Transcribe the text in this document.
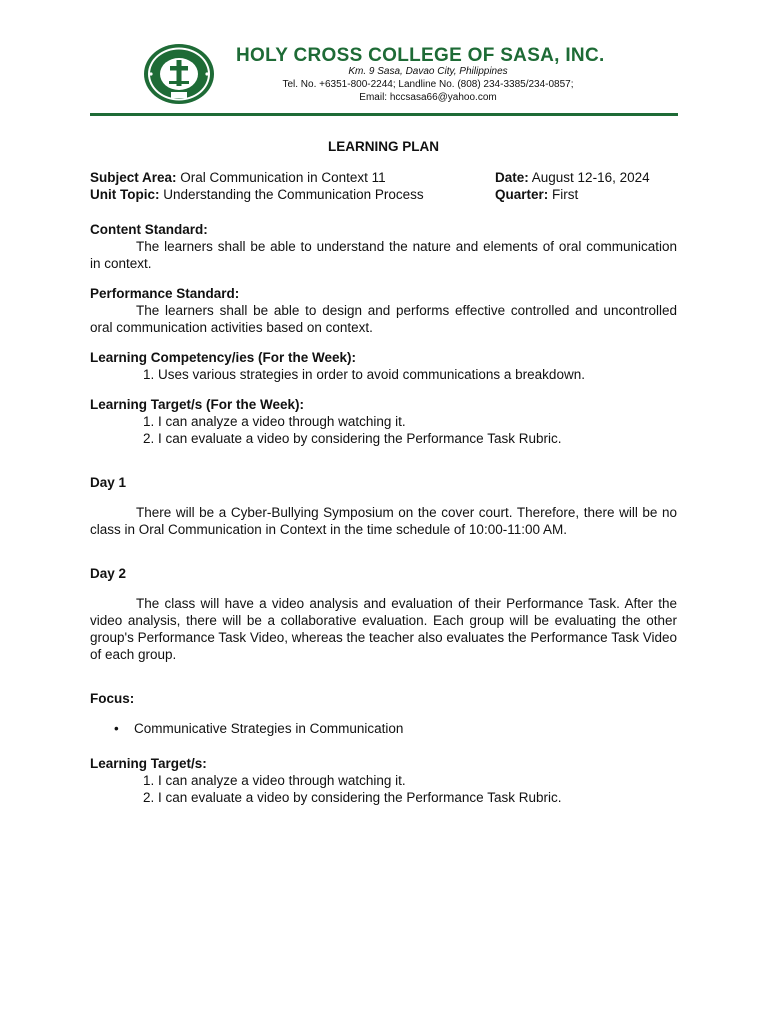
HOLY CROSS COLLEGE OF SASA, INC.
Km. 9 Sasa, Davao City, Philippines
Tel. No. +6351-800-2244; Landline No. (808) 234-3385/234-0857;
Email: hccsasa66@yahoo.com

LEARNING PLAN

Subject Area: Oral Communication in Context 11
Unit Topic: Understanding the Communication Process
Date: August 12-16, 2024
Quarter: First

Content Standard:

The learners shall be able to understand the nature and elements of oral communication in context.

Performance Standard:

The learners shall be able to design and performs effective controlled and uncontrolled oral communication activities based on context.

Learning Competency/ies (For the Week):

1. Uses various strategies in order to avoid communications a breakdown.

Learning Target/s (For the Week):

1. I can analyze a video through watching it.
2. I can evaluate a video by considering the Performance Task Rubric.

Day 1

There will be a Cyber-Bullying Symposium on the cover court. Therefore, there will be no class in Oral Communication in Context in the time schedule of 10:00-11:00 AM.

Day 2

The class will have a video analysis and evaluation of their Performance Task. After the video analysis, there will be a collaborative evaluation. Each group will be evaluating the other group's Performance Task Video, whereas the teacher also evaluates the Performance Task Video of each group.

Focus:

• Communicative Strategies in Communication

Learning Target/s:

1. I can analyze a video through watching it.
2. I can evaluate a video by considering the Performance Task Rubric.
